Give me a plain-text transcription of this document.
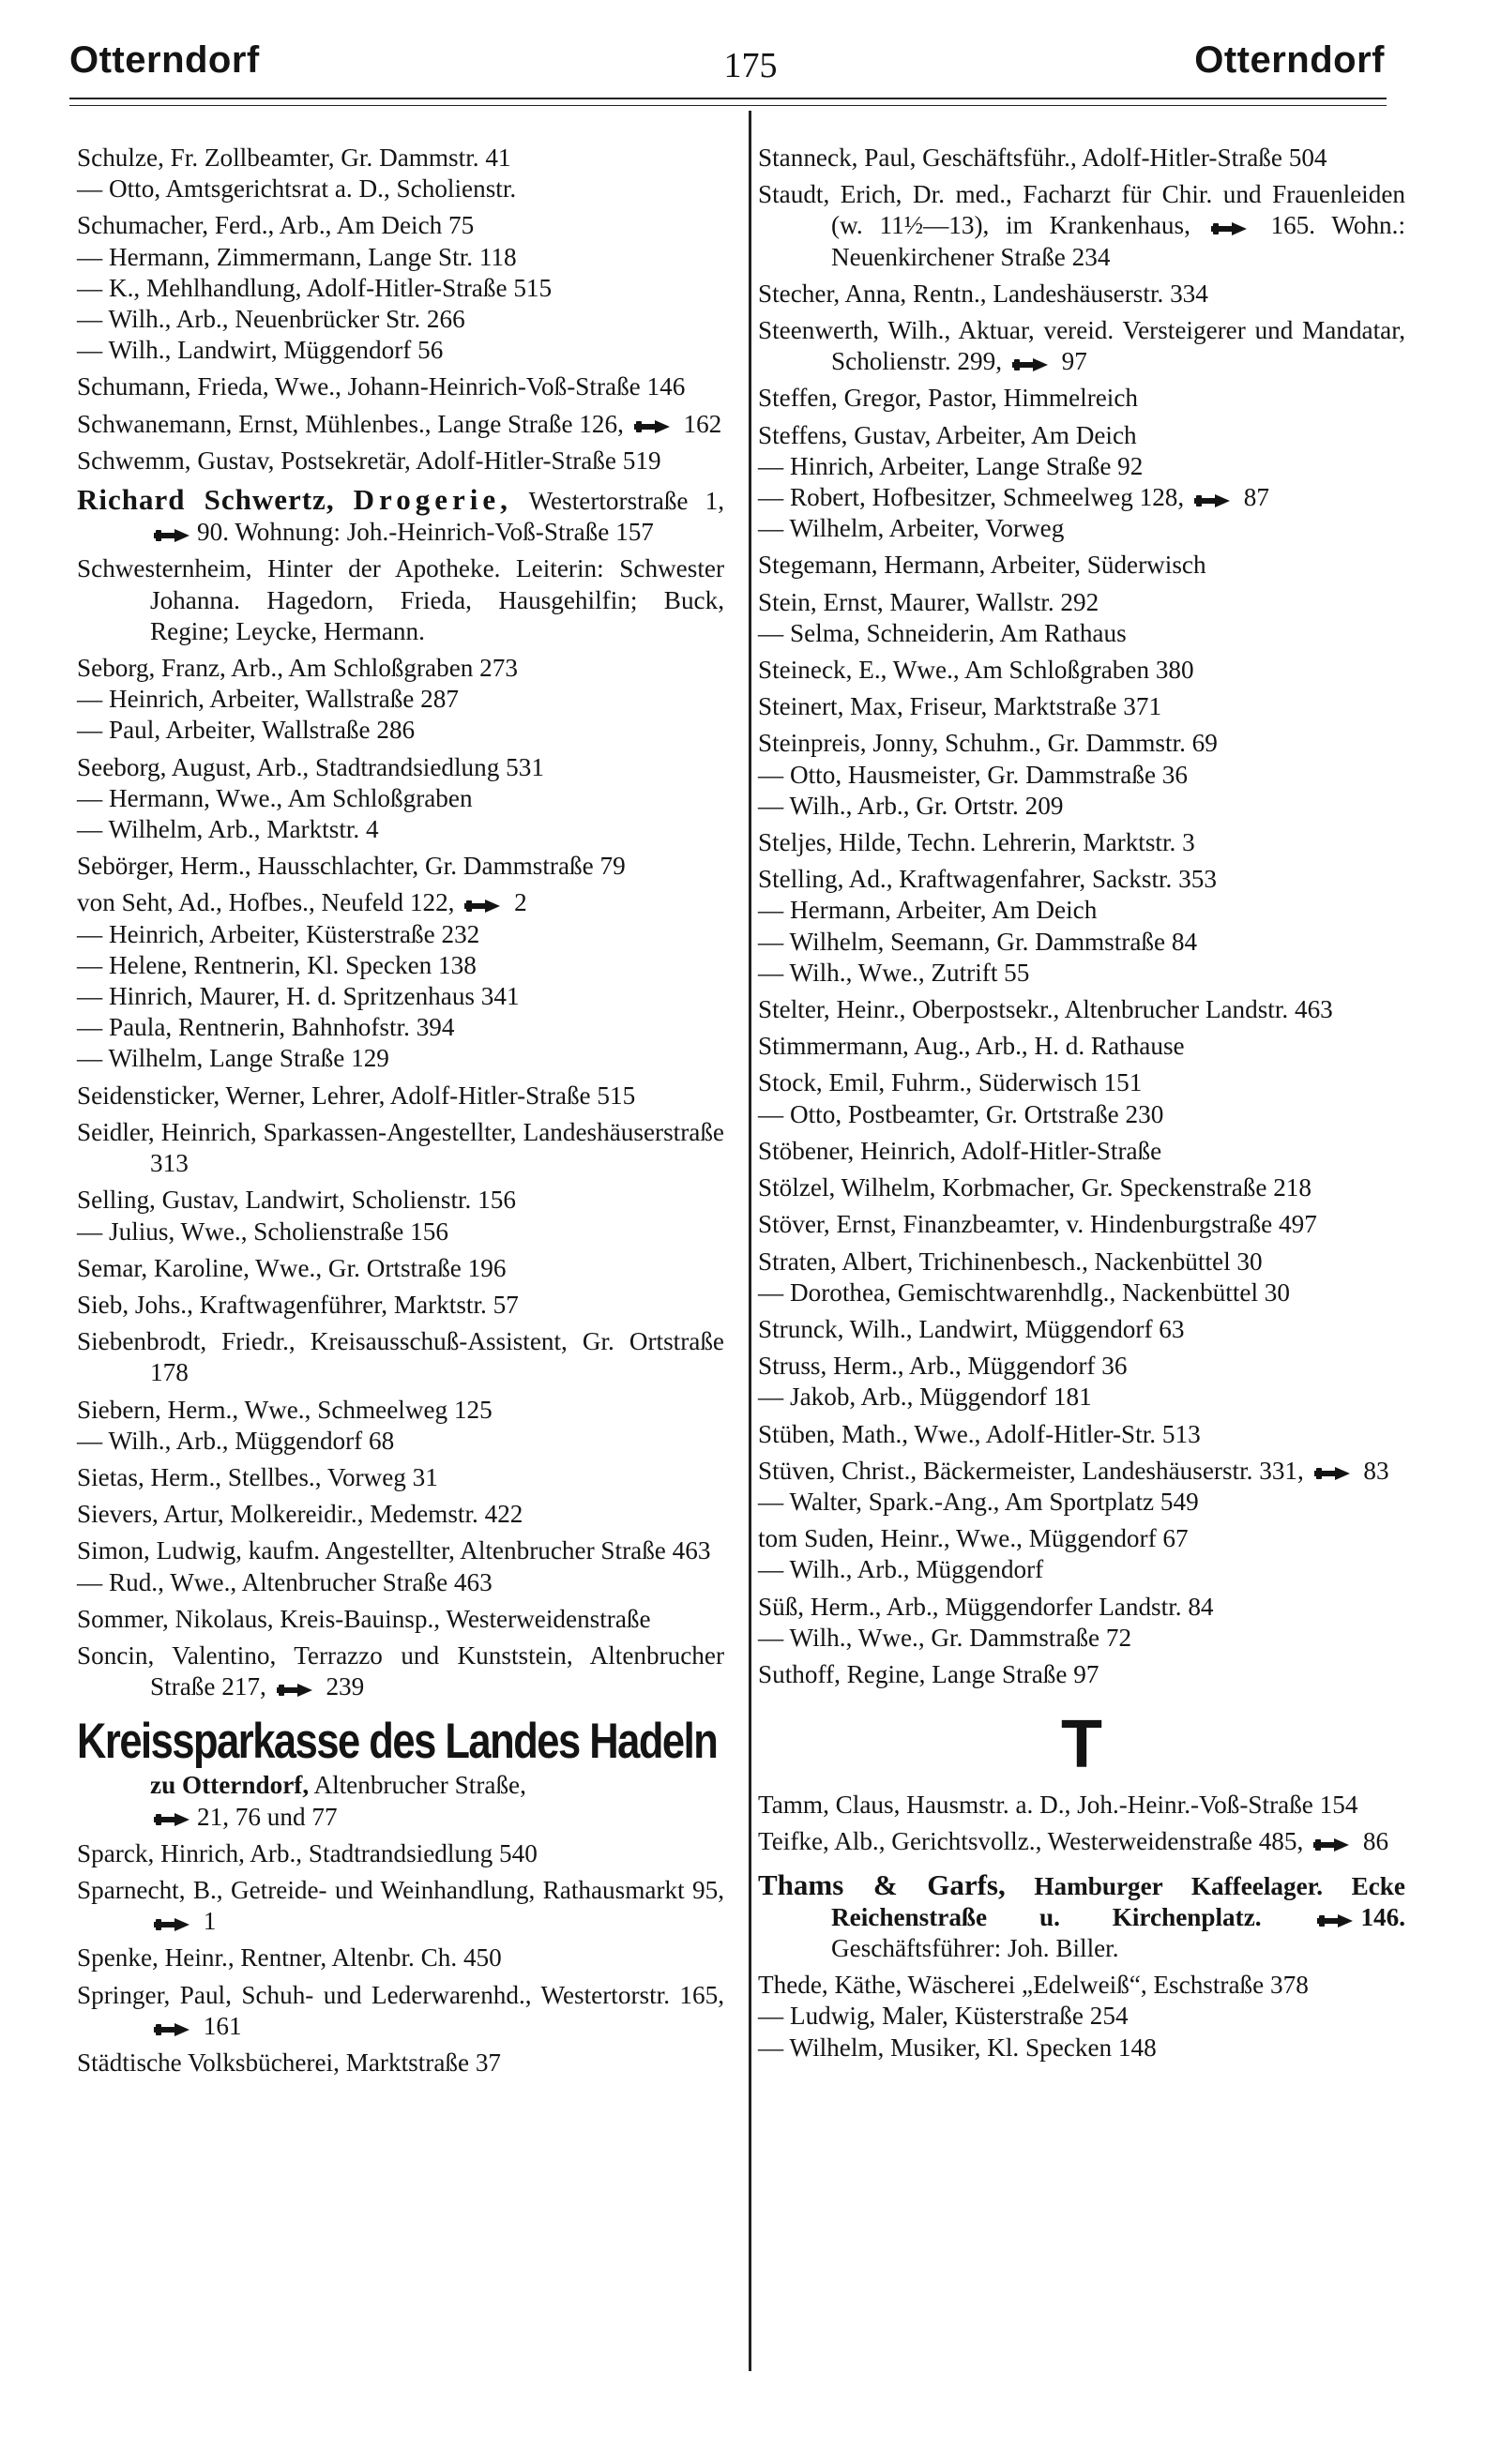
Otterndorf	175	Otterndorf

Schulze, Fr. Zollbeamter, Gr. Dammstr. 41

— Otto, Amtsgerichtsrat a. D., Scholienstr.

Schumacher, Ferd., Arb., Am Deich 75

— Hermann, Zimmermann, Lange Str. 118

— K., Mehlhandlung, Adolf-Hitler-Straße 515

— Wilh., Arb., Neuenbrücker Str. 266

— Wilh., Landwirt, Müggendorf 56

Schumann, Frieda, Wwe., Johann-Heinrich-Voß-Straße 146

Schwanemann, Ernst, Mühlenbes., Lange Straße 126,  162

Schwemm, Gustav, Postsekretär, Adolf-Hitler-Straße 519

Richard Schwertz, Drogerie, Westertorstraße 1, 90. Wohnung: Joh.-Heinrich-Voß-Straße 157

Schwesternheim, Hinter der Apotheke. Leiterin: Schwester Johanna. Hagedorn, Frieda, Hausgehilfin; Buck, Regine; Leycke, Hermann.

Seborg, Franz, Arb., Am Schloßgraben 273

— Heinrich, Arbeiter, Wallstraße 287

— Paul, Arbeiter, Wallstraße 286

Seeborg, August, Arb., Stadtrandsiedlung 531

— Hermann, Wwe., Am Schloßgraben

— Wilhelm, Arb., Marktstr. 4

Sebörger, Herm., Hausschlachter, Gr. Dammstraße 79

von Seht, Ad., Hofbes., Neufeld 122,  2

— Heinrich, Arbeiter, Küsterstraße 232

— Helene, Rentnerin, Kl. Specken 138

— Hinrich, Maurer, H. d. Spritzenhaus 341

— Paula, Rentnerin, Bahnhofstr. 394

— Wilhelm, Lange Straße 129

Seidensticker, Werner, Lehrer, Adolf-Hitler-Straße 515

Seidler, Heinrich, Sparkassen-Angestellter, Landeshäuserstraße 313

Selling, Gustav, Landwirt, Scholienstr. 156

— Julius, Wwe., Scholienstraße 156

Semar, Karoline, Wwe., Gr. Ortstraße 196

Sieb, Johs., Kraftwagenführer, Marktstr. 57

Siebenbrodt, Friedr., Kreisausschuß-Assistent, Gr. Ortstraße 178

Siebern, Herm., Wwe., Schmeelweg 125

— Wilh., Arb., Müggendorf 68

Sietas, Herm., Stellbes., Vorweg 31

Sievers, Artur, Molkereidir., Medemstr. 422

Simon, Ludwig, kaufm. Angestellter, Altenbrucher Straße 463

— Rud., Wwe., Altenbrucher Straße 463

Sommer, Nikolaus, Kreis-Bauinsp., Westerweidenstraße

Soncin, Valentino, Terrazzo und Kunststein, Altenbrucher Straße 217,  239

Kreissparkasse des Landes Hadeln
zu Otterndorf, Altenbrucher Straße,
21, 76 und 77

Sparck, Hinrich, Arb., Stadtrandsiedlung 540

Sparnecht, B., Getreide- und Weinhandlung, Rathausmarkt 95,  1

Spenke, Heinr., Rentner, Altenbr. Ch. 450

Springer, Paul, Schuh- und Lederwarenhd., Westertorstr. 165,  161

Städtische Volksbücherei, Marktstraße 37

Stanneck, Paul, Geschäftsführ., Adolf-Hitler-Straße 504

Staudt, Erich, Dr. med., Facharzt für Chir. und Frauenleiden (w. 11½—13), im Krankenhaus,  165. Wohn.: Neuenkirchener Straße 234

Stecher, Anna, Rentn., Landeshäuserstr. 334

Steenwerth, Wilh., Aktuar, vereid. Versteigerer und Mandatar, Scholienstr. 299,  97

Steffen, Gregor, Pastor, Himmelreich

Steffens, Gustav, Arbeiter, Am Deich

— Hinrich, Arbeiter, Lange Straße 92

— Robert, Hofbesitzer, Schmeelweg 128,  87

— Wilhelm, Arbeiter, Vorweg

Stegemann, Hermann, Arbeiter, Süderwisch

Stein, Ernst, Maurer, Wallstr. 292

— Selma, Schneiderin, Am Rathaus

Steineck, E., Wwe., Am Schloßgraben 380

Steinert, Max, Friseur, Marktstraße 371

Steinpreis, Jonny, Schuhm., Gr. Dammstr. 69

— Otto, Hausmeister, Gr. Dammstraße 36

— Wilh., Arb., Gr. Ortstr. 209

Steljes, Hilde, Techn. Lehrerin, Marktstr. 3

Stelling, Ad., Kraftwagenfahrer, Sackstr. 353

— Hermann, Arbeiter, Am Deich

— Wilhelm, Seemann, Gr. Dammstraße 84

— Wilh., Wwe., Zutrift 55

Stelter, Heinr., Oberpostsekr., Altenbrucher Landstr. 463

Stimmermann, Aug., Arb., H. d. Rathause

Stock, Emil, Fuhrm., Süderwisch 151

— Otto, Postbeamter, Gr. Ortstraße 230

Stöbener, Heinrich, Adolf-Hitler-Straße

Stölzel, Wilhelm, Korbmacher, Gr. Speckenstraße 218

Stöver, Ernst, Finanzbeamter, v. Hindenburgstraße 497

Straten, Albert, Trichinenbesch., Nackenbüttel 30

— Dorothea, Gemischtwarenhdlg., Nackenbüttel 30

Strunck, Wilh., Landwirt, Müggendorf 63

Struss, Herm., Arb., Müggendorf 36

— Jakob, Arb., Müggendorf 181

Stüben, Math., Wwe., Adolf-Hitler-Str. 513

Stüven, Christ., Bäckermeister, Landeshäuserstr. 331,  83

— Walter, Spark.-Ang., Am Sportplatz 549

tom Suden, Heinr., Wwe., Müggendorf 67

— Wilh., Arb., Müggendorf

Süß, Herm., Arb., Müggendorfer Landstr. 84

— Wilh., Wwe., Gr. Dammstraße 72

Suthoff, Regine, Lange Straße 97

T

Tamm, Claus, Hausmstr. a. D., Joh.-Heinr.-Voß-Straße 154

Teifke, Alb., Gerichtsvollz., Westerweidenstraße 485,  86

Thams & Garfs, Hamburger Kaffeelager. Ecke Reichenstraße u. Kirchenplatz.	146. Geschäftsführer: Joh. Biller.

Thede, Käthe, Wäscherei „Edelweiß“, Eschstraße 378

— Ludwig, Maler, Küsterstraße 254

— Wilhelm, Musiker, Kl. Specken 148
